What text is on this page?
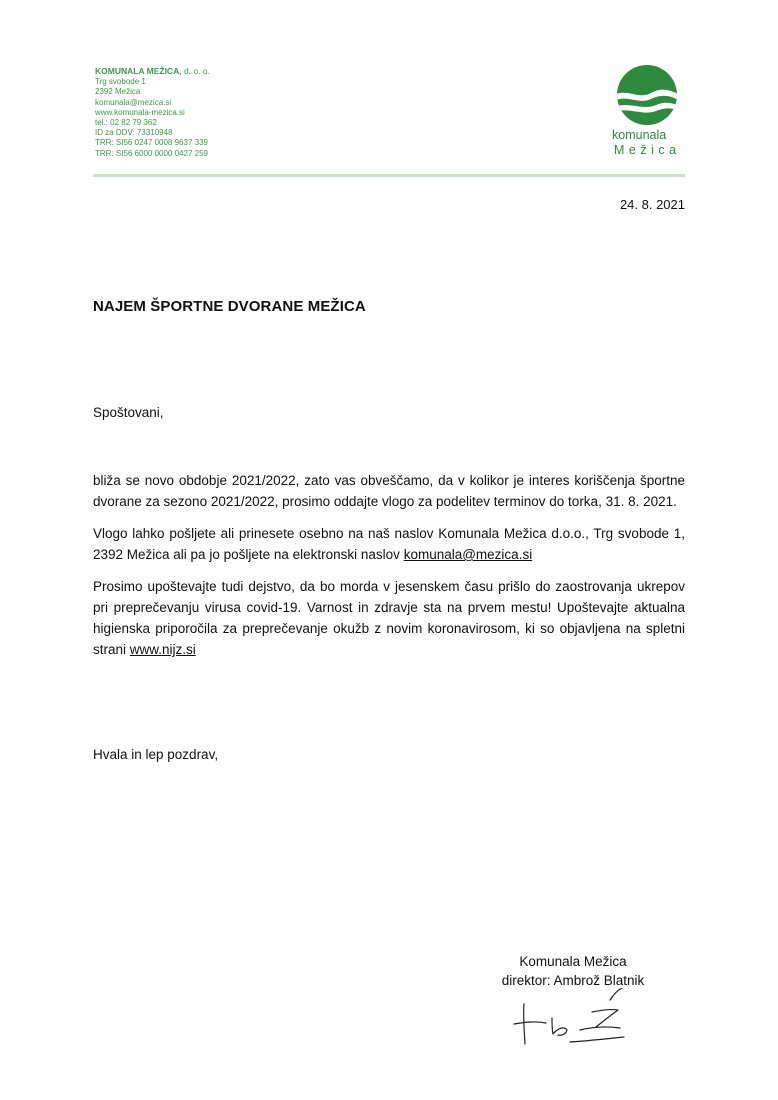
KOMUNALA MEŽICA, d. o. o.
Trg svobode 1
2392 Mežica
komunala@mezica.si
www.komunala-mezica.si
tel.: 02 82 79 362
ID za DDV: 73310948
TRR: SI56 0247 0008 9637 339
TRR: SI56 6000 0000 0427 259
komunala
Mežica
24. 8. 2021
NAJEM ŠPORTNE DVORANE MEŽICA
Spoštovani,

bliža se novo obdobje 2021/2022, zato vas obveščamo, da v kolikor je interes koriščenja športne dvorane za sezono 2021/2022, prosimo oddajte vlogo za podelitev terminov do torka, 31. 8. 2021.

Vlogo lahko pošljete ali prinesete osebno na naš naslov Komunala Mežica d.o.o., Trg svobode 1, 2392 Mežica ali pa jo pošljete na elektronski naslov komunala@mezica.si

Prosimo upoštevajte tudi dejstvo, da bo morda v jesenskem času prišlo do zaostrovanja ukrepov pri preprečevanju virusa covid-19. Varnost in zdravje sta na prvem mestu! Upoštevajte aktualna higienska priporočila za preprečevanje okužb z novim koronavirosom, ki so objavljena na spletni strani www.nijz.si

Hvala in lep pozdrav,
Komunala Mežica
direktor: Ambrož Blatnik
